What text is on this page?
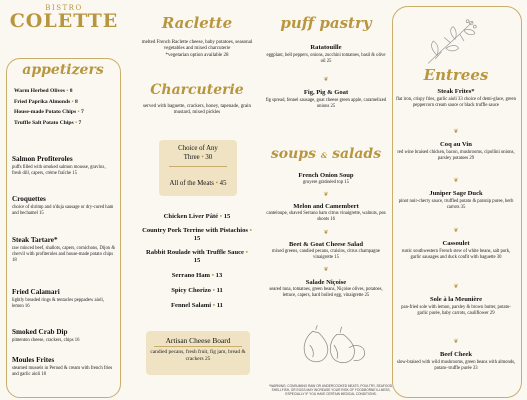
BISTRO
COLETTE
appetizers
Warm Herbed Olives • 8
Fried Paprika Almonds • 8
House-made Potato Chips • 7
Truffle Salt Potato Chips • 7
Salmon Profiteroles
puffs filled with smoked salmon mousse, gravlox, fresh dill, capers, crème fraîche 15
Croquettes
choice of shrimp and n'duja sausage or dry-cured ham and bechamel 15
Steak Tartare*
raw minced beef, shallots, capers, cornichons, Dijon & chervil with profiteroles and house-made potato chips 18
Fried Calamari
lightly breaded rings & tentacles peppadew aioli, lemon 16
Smoked Crab Dip
pimenton cheese, crackers, chips 16
Moules Frites
steamed mussels in Pernod & cream with french fries and garlic aioli 18
Raclette
melted French Raclette cheese, baby potatoes, seasonal vegetables and mixed charcuterie
*vegetarian option available 28
Charcuterie
served with baguette, crackers, honey, tapenade, grain mustard, mixed pickles
Choice of Any
Three • 30
All of the Meats • 45
Chicken Liver Pâté • 15
Country Pork Terrine with Pistachios • 15
Rabbit Roulade with Truffle Sauce • 15
Serrano Ham • 13
Spicy Chorizo • 11
Fennel Salami • 11
Artisan Cheese Board
candied pecans, fresh fruit, fig jam, bread & crackers 25
puff pastry
Ratatouille
eggplant, bell peppers, onions, zucchini tomatoes, basil & olive oil 25
❦
Fig, Pig & Goat
fig spread, fennel sausage, goat cheese green apple, caramelized onions 25
soups & salads
French Onion Soup
gruyere gratinéed top 15
❦
Melon and Camembert
canteloupe, shaved Serrano ham citrus vinaigrette, walnuts, pea shoots 16
❦
Beet & Goat Cheese Salad
mixed greens, candied pecans, craisins, citrus champagne vinaigrette 15
❦
Salade Niçoise
seared tuna, tomatoes, green beans, Niçoise olives, potatoes, lettuce, capers, hard boiled egg, vinaigrette 25
*WARNING: CONSUMING RAW OR UNDERCOOKED MEATS, POULTRY, SEAFOOD, SHELLFISH, OR EGGS MAY INCREASE YOUR RISK OF FOODBORNE ILLNESS, ESPECIALLY IF YOU HAVE CERTAIN MEDICAL CONDITIONS.
Entrees
Steak Frites*
flat iron, crispy fries, garlic aioli 33 choice of demi-glace, green peppercorn cream sauce or black truffle sauce
❦
Coq au Vin
red wine braised chicken, bacon, mushrooms, cipollini onions, parsley potatoes 29
❦
Juniper Sage Duck
pinot noir-cherry sauce, truffled potato & parsnip puree, herb carrots 35
❦
Cassoulet
rustic southwestern French stew of white beans, salt pork, garlic sausages and duck confit with baguette 30
❦
Sole à la Meunière
pan-fried sole with lemon, parsley & brown butter, potato-garlic purée, baby carrots, cauliflower 29
❦
Beef Cheek
slow-braised with wild mushrooms, green beans with almonds, potato–truffle purée 33
